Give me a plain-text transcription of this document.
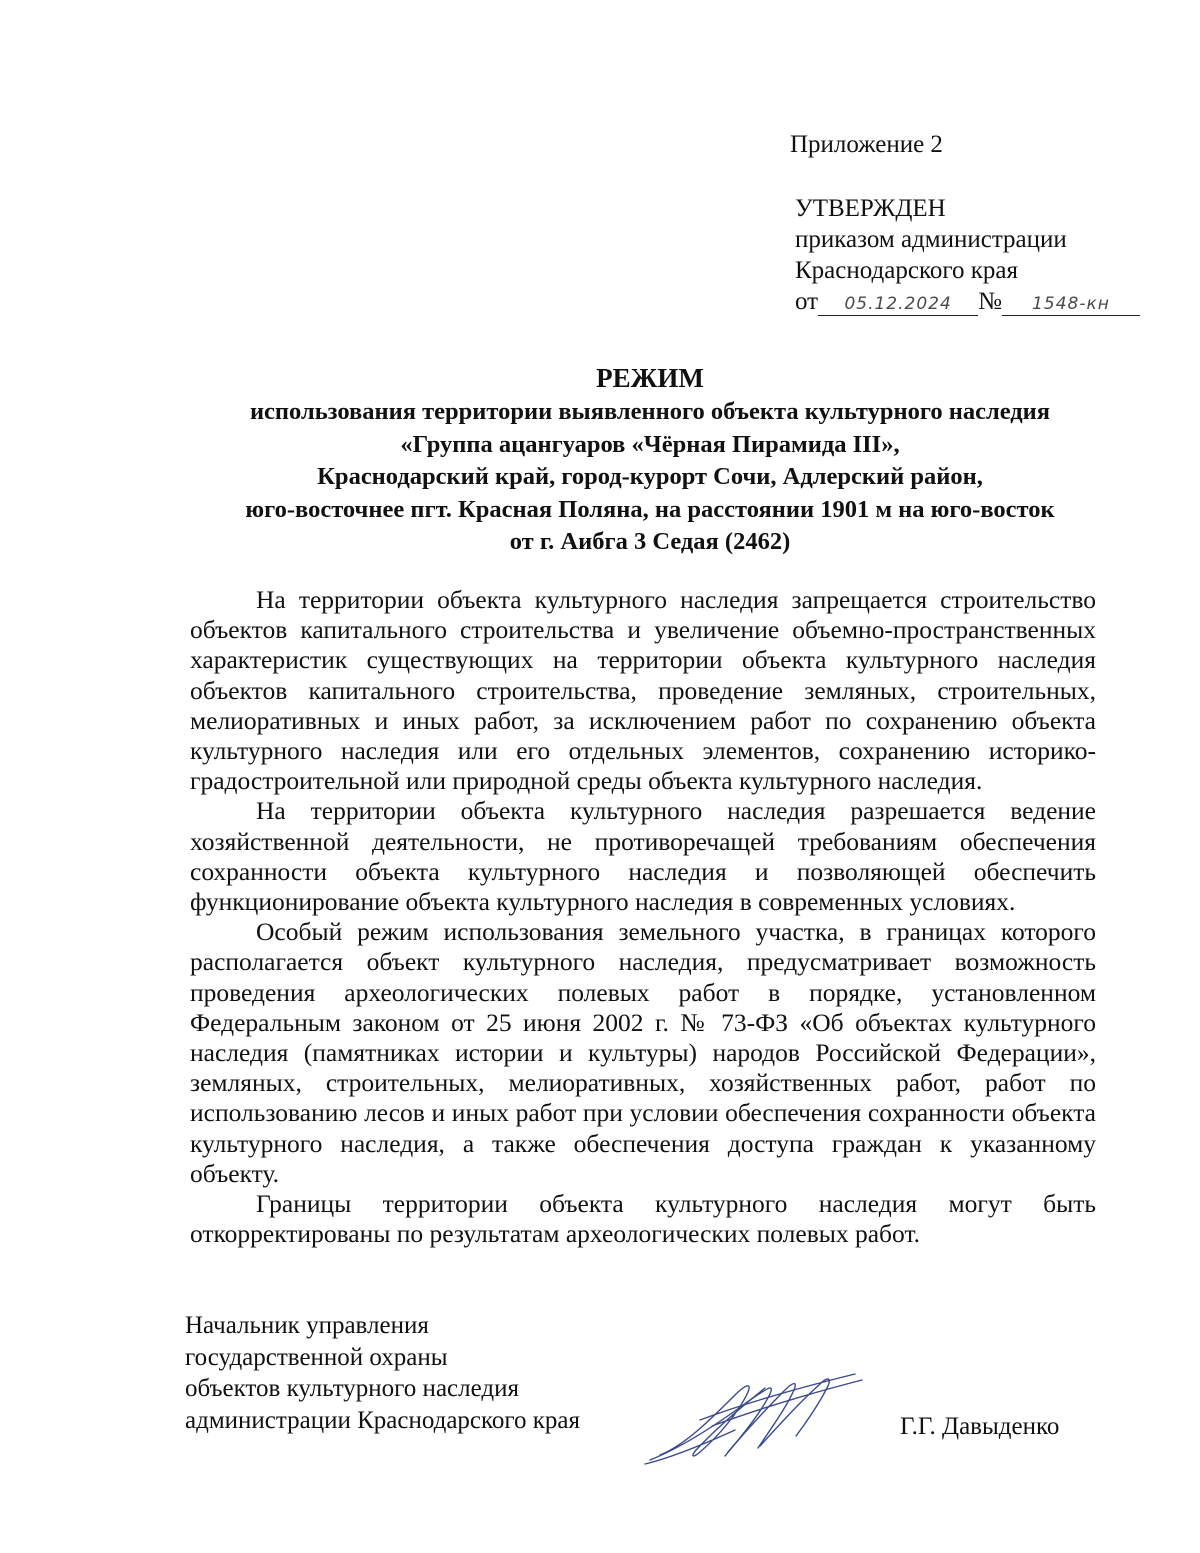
Приложение 2
УТВЕРЖДЕН
приказом администрации
Краснодарского края
от 05.12.2024 № 1548-кн
РЕЖИМ
использования территории выявленного объекта культурного наследия
«Группа ацангуаров «Чёрная Пирамида III»,
Краснодарский край, город-курорт Сочи, Адлерский район,
юго-восточнее пгт. Красная Поляна, на расстоянии 1901 м на юго-восток
от г. Аибга 3 Седая (2462)

На территории объекта культурного наследия запрещается строительство объектов капитального строительства и увеличение объемно-пространственных характеристик существующих на территории объекта культурного наследия объектов капитального строительства, проведение земляных, строительных, мелиоративных и иных работ, за исключением работ по сохранению объекта культурного наследия или его отдельных элементов, сохранению историко-градостроительной или природной среды объекта культурного наследия.

На территории объекта культурного наследия разрешается ведение хозяйственной деятельности, не противоречащей требованиям обеспечения сохранности объекта культурного наследия и позволяющей обеспечить функционирование объекта культурного наследия в современных условиях.

Особый режим использования земельного участка, в границах которого располагается объект культурного наследия, предусматривает возможность проведения археологических полевых работ в порядке, установленном Федеральным законом от 25 июня 2002 г. № 73-ФЗ «Об объектах культурного наследия (памятниках истории и культуры) народов Российской Федерации», земляных, строительных, мелиоративных, хозяйственных работ, работ по использованию лесов и иных работ при условии обеспечения сохранности объекта культурного наследия, а также обеспечения доступа граждан к указанному объекту.

Границы территории объекта культурного наследия могут быть откорректированы по результатам археологических полевых работ.

Начальник управления
государственной охраны
объектов культурного наследия
администрации Краснодарского края	Г.Г. Давыденко
